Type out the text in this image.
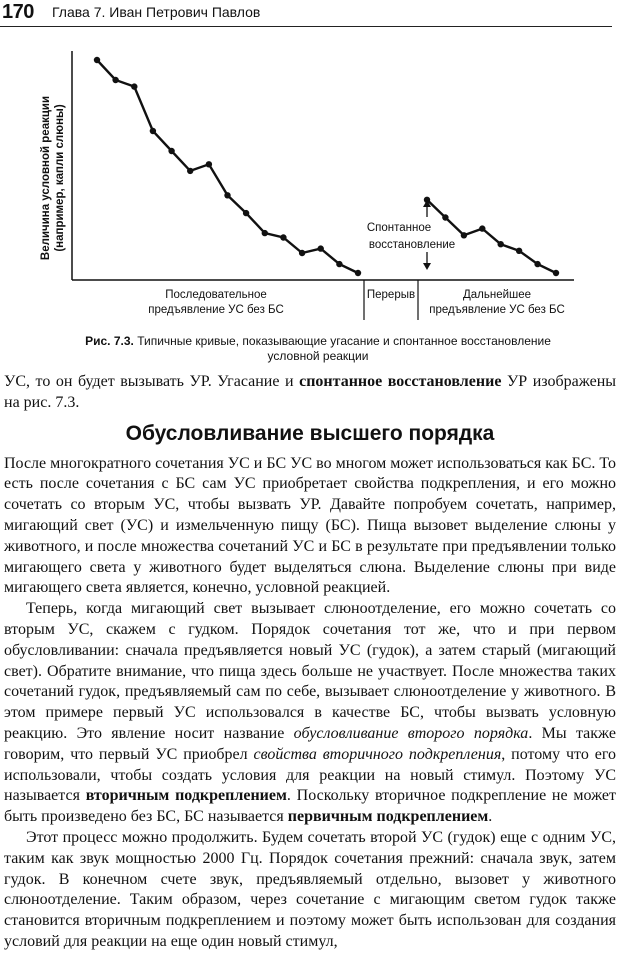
170 Глава 7. Иван Петрович Павлов
Величина условной реакции (например, капли слюны)	Спонтанное
восстановление
Последовательное
предъявление УС без БС
Перерыв	Дальнейшее
предъявление УС без БС
Рис. 7.3. Типичные кривые, показывающие угасание и спонтанное восстановление условной реакции

УС, то он будет вызывать УР. Угасание и спонтанное восстановление УР изображены на рис. 7.3.

Обусловливание высшего порядка

После многократного сочетания УС и БС УС во многом может использоваться как БС. То есть после сочетания с БС сам УС приобретает свойства подкрепления, и его можно сочетать со вторым УС, чтобы вызвать УР. Давайте попробуем сочетать, например, мигающий свет (УС) и измельченную пищу (БС). Пища вызовет выделение слюны у животного, и после множества сочетаний УС и БС в результате при предъявлении только мигающего света у животного будет выделяться слюна. Выделение слюны при виде мигающего света является, конечно, условной реакцией.

Теперь, когда мигающий свет вызывает слюноотделение, его можно сочетать со вторым УС, скажем с гудком. Порядок сочетания тот же, что и при первом обусловливании: сначала предъявляется новый УС (гудок), а затем старый (мигающий свет). Обратите внимание, что пища здесь больше не участвует. После множества таких сочетаний гудок, предъявляемый сам по себе, вызывает слюноотделение у животного. В этом примере первый УС использовался в качестве БС, чтобы вызвать условную реакцию. Это явление носит название обусловливание второго порядка. Мы также говорим, что первый УС приобрел свойства вторичного подкрепления, потому что его использовали, чтобы создать условия для реакции на новый стимул. Поэтому УС называется вторичным подкреплением. Поскольку вторичное подкрепление не может быть произведено без БС, БС называется первичным подкреплением.

Этот процесс можно продолжить. Будем сочетать второй УС (гудок) еще с одним УС, таким как звук мощностью 2000 Гц. Порядок сочетания прежний: сначала звук, затем гудок. В конечном счете звук, предъявляемый отдельно, вызовет у животного слюноотделение. Таким образом, через сочетание с мигающим светом гудок также становится вторичным подкреплением и поэтому может быть использован для создания условий для реакции на еще один новый стимул,
